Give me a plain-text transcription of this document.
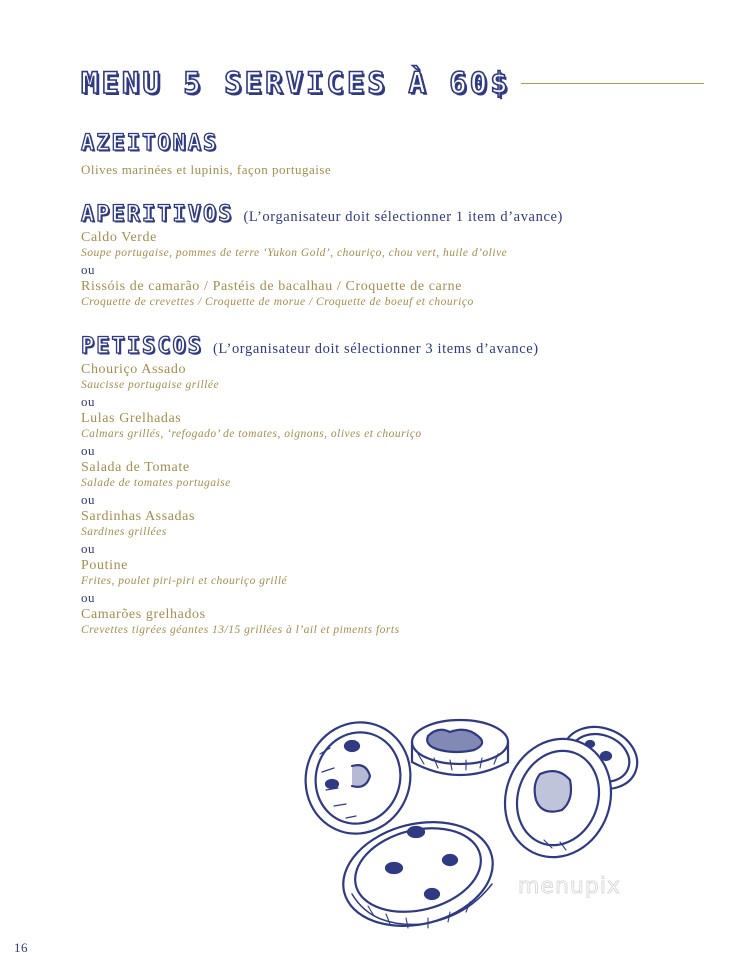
MENU 5 SERVICES À 60$
AZEITONAS
Olives marinées et lupinis, façon portugaise
APERITIVOS (L’organisateur doit sélectionner 1 item d’avance)
Caldo Verde
Soupe portugaise, pommes de terre ‘Yukon Gold’, chouriço, chou vert, huile d’olive
ou
Rissóis de camarão / Pastéis de bacalhau / Croquette de carne
Croquette de crevettes / Croquette de morue / Croquette de boeuf et chouriço
PETISCOS (L’organisateur doit sélectionner 3 items d’avance)
Chouriço Assado
Saucisse portugaise grillée
ou
Lulas Grelhadas
Calmars grillés, ‘refogado’ de tomates, oignons, olives et chouriço
ou
Salada de Tomate
Salade de tomates portugaise
ou
Sardinhas Assadas
Sardines grillées
ou
Poutine
Frites, poulet piri-piri et chouriço grillé
ou
Camarões grelhados
Crevettes tigrées géantes 13/15 grillées à l’ail et piments forts
menupix
16
